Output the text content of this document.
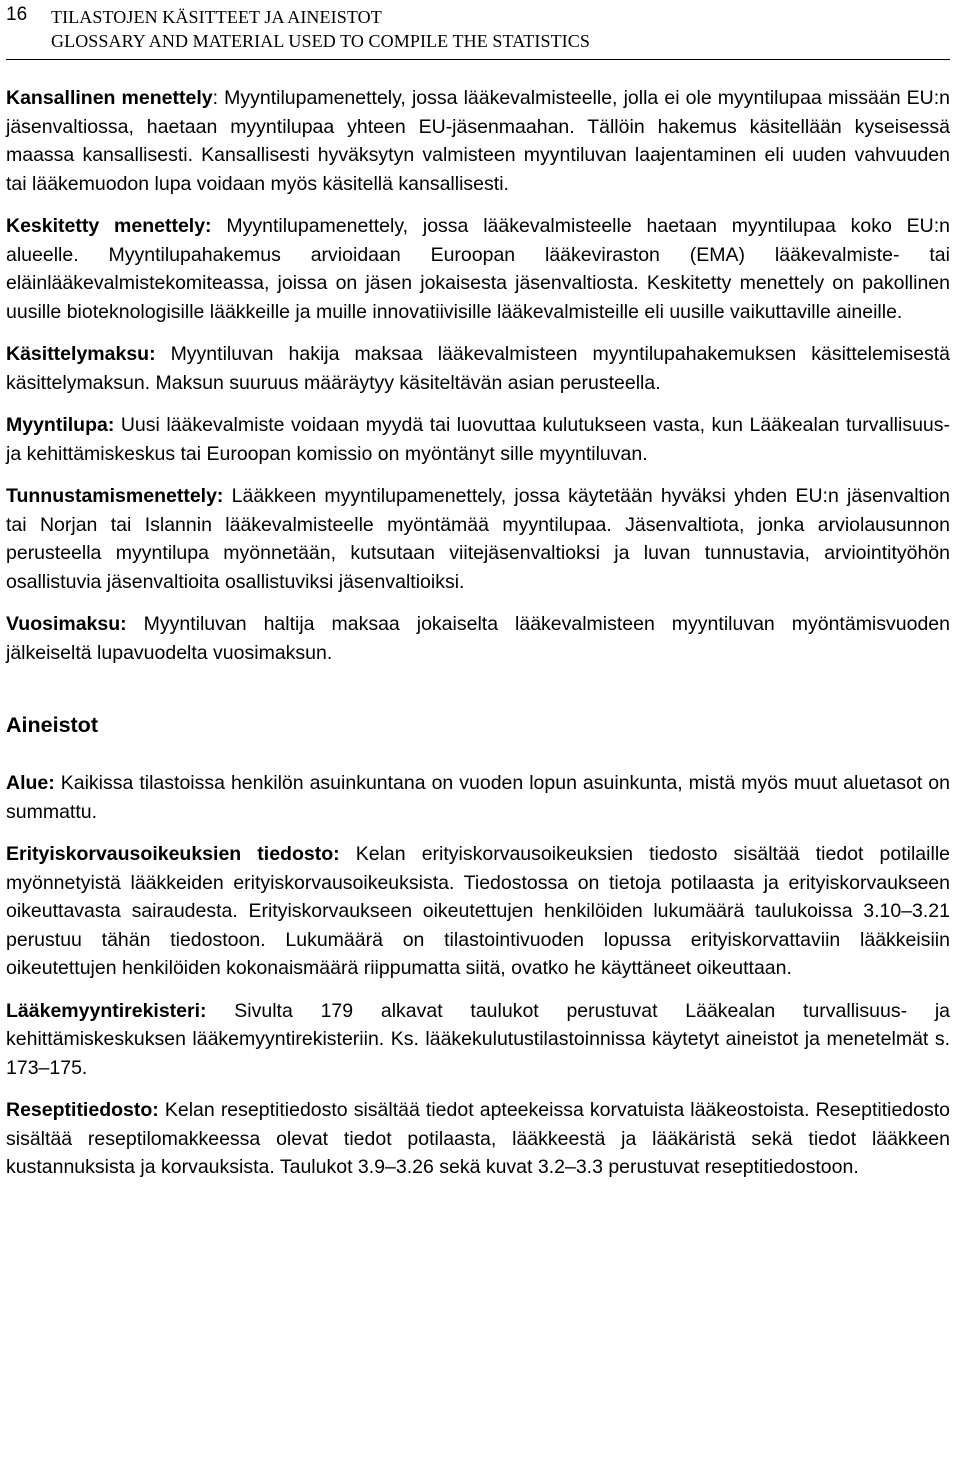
16 TILASTOJEN KÄSITTEET JA AINEISTOT
GLOSSARY AND MATERIAL USED TO COMPILE THE STATISTICS

Kansallinen menettely: Myyntilupamenettely, jossa lääkevalmisteelle, jolla ei ole myyntilupaa missään EU:n jäsenvaltiossa, haetaan myyntilupaa yhteen EU-jäsenmaahan. Tällöin hakemus käsitellään kyseisessä maassa kansallisesti. Kansallisesti hyväksytyn valmisteen myyntiluvan laajentaminen eli uuden vahvuuden tai lääkemuodon lupa voidaan myös käsitellä kansallisesti.

Keskitetty menettely: Myyntilupamenettely, jossa lääkevalmisteelle haetaan myyntilupaa koko EU:n alueelle. Myyntilupahakemus arvioidaan Euroopan lääkeviraston (EMA) lääkevalmiste- tai eläinlääkevalmistekomiteassa, joissa on jäsen jokaisesta jäsenvaltiosta. Keskitetty menettely on pakollinen uusille bioteknologisille lääkkeille ja muille innovatiivisille lääkevalmisteille eli uusille vaikuttaville aineille.

Käsittelymaksu: Myyntiluvan hakija maksaa lääkevalmisteen myyntilupahakemuksen käsittelemisestä käsittelymaksun. Maksun suuruus määräytyy käsiteltävän asian perusteella.

Myyntilupa: Uusi lääkevalmiste voidaan myydä tai luovuttaa kulutukseen vasta, kun Lääkealan turvallisuus- ja kehittämiskeskus tai Euroopan komissio on myöntänyt sille myyntiluvan.

Tunnustamismenettely: Lääkkeen myyntilupamenettely, jossa käytetään hyväksi yhden EU:n jäsenvaltion tai Norjan tai Islannin lääkevalmisteelle myöntämää myyntilupaa. Jäsenvaltiota, jonka arviolausunnon perusteella myyntilupa myönnetään, kutsutaan viitejäsenvaltioksi ja luvan tunnustavia, arviointityöhön osallistuvia jäsenvaltioita osallistuviksi jäsenvaltioiksi.

Vuosimaksu: Myyntiluvan haltija maksaa jokaiselta lääkevalmisteen myyntiluvan myöntämisvuoden jälkeiseltä lupavuodelta vuosimaksun.

Aineistot

Alue: Kaikissa tilastoissa henkilön asuinkuntana on vuoden lopun asuinkunta, mistä myös muut aluetasot on summattu.

Erityiskorvausoikeuksien tiedosto: Kelan erityiskorvausoikeuksien tiedosto sisältää tiedot potilaille myönnetyistä lääkkeiden erityiskorvausoikeuksista. Tiedostossa on tietoja potilaasta ja erityiskorvaukseen oikeuttavasta sairaudesta. Erityiskorvaukseen oikeutettujen henkilöiden lukumäärä taulukoissa 3.10–3.21 perustuu tähän tiedostoon. Lukumäärä on tilastointivuoden lopussa erityiskorvattaviin lääkkeisiin oikeutettujen henkilöiden kokonaismäärä riippumatta siitä, ovatko he käyttäneet oikeuttaan.

Lääkemyyntirekisteri: Sivulta 179 alkavat taulukot perustuvat Lääkealan turvallisuus- ja kehittämiskeskuksen lääkemyyntirekisteriin. Ks. lääkekulutustilastoinnissa käytetyt aineistot ja menetelmät s. 173–175.

Reseptitiedosto: Kelan reseptitiedosto sisältää tiedot apteekeissa korvatuista lääkeostoista. Reseptitiedosto sisältää reseptilomakkeessa olevat tiedot potilaasta, lääkkeestä ja lääkäristä sekä tiedot lääkkeen kustannuksista ja korvauksista. Taulukot 3.9–3.26 sekä kuvat 3.2–3.3 perustuvat reseptitiedostoon.
